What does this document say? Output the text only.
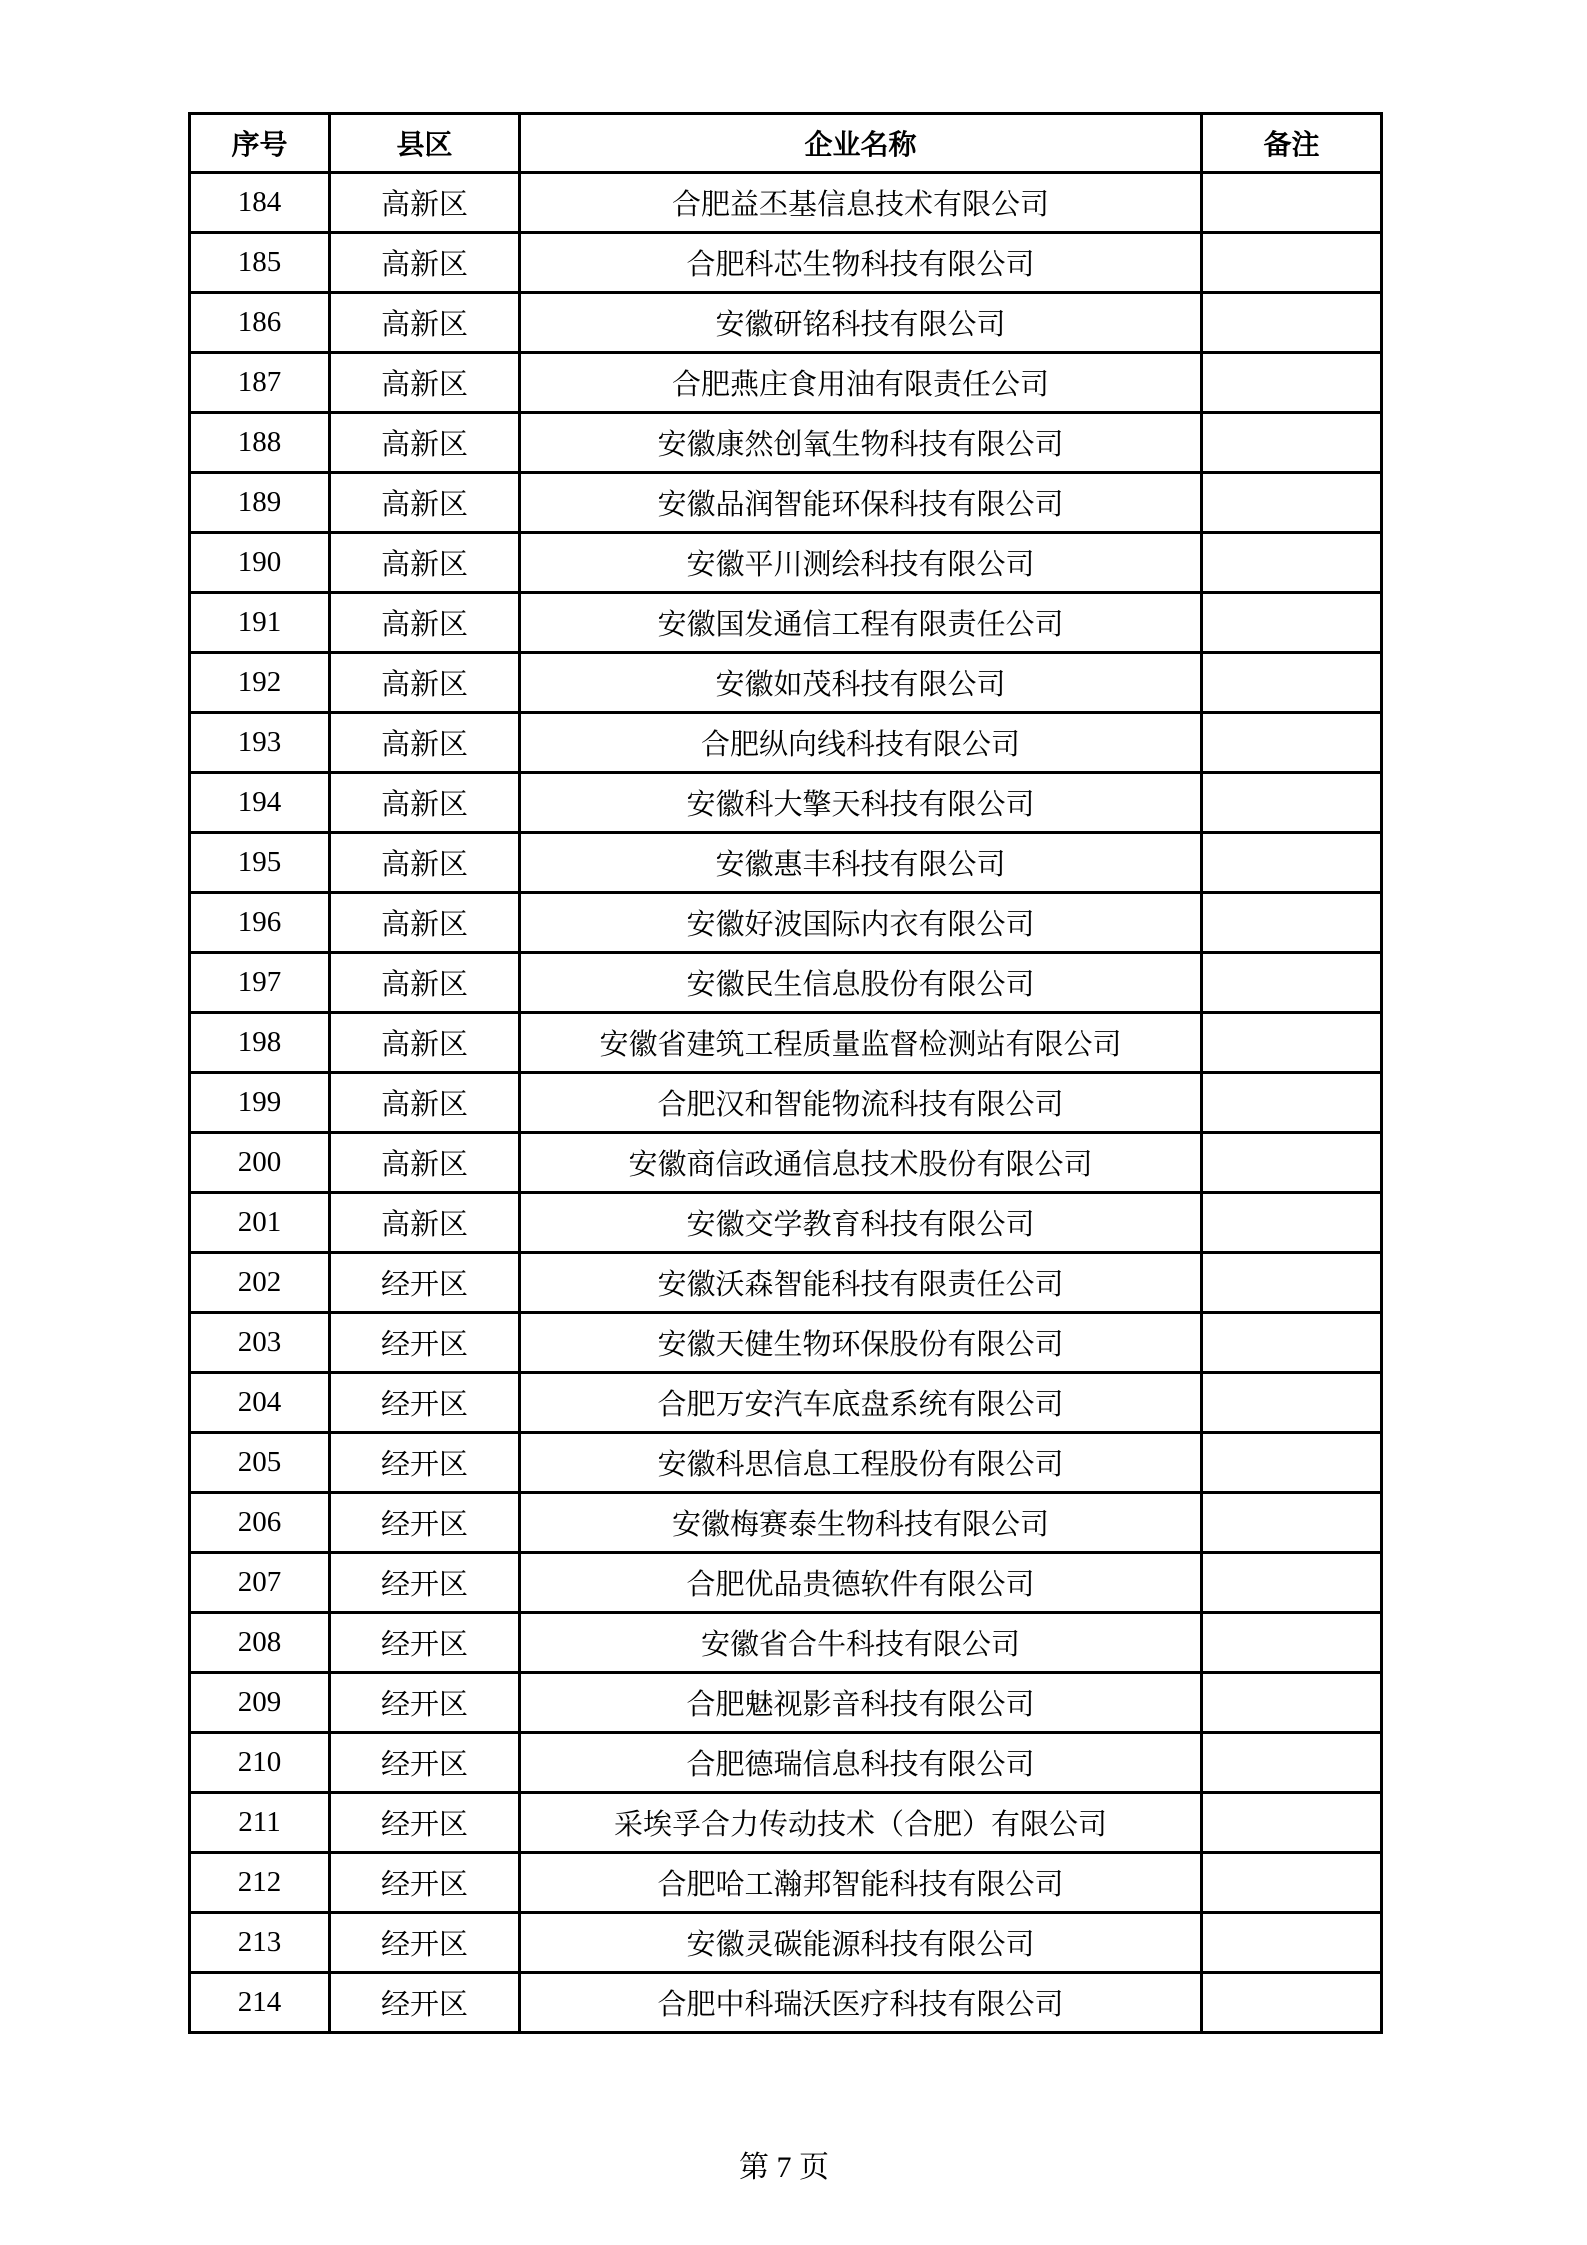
序号	县区	企业名称	备注
184	高新区	合肥益丕基信息技术有限公司	
185	高新区	合肥科芯生物科技有限公司	
186	高新区	安徽研铭科技有限公司	
187	高新区	合肥燕庄食用油有限责任公司	
188	高新区	安徽康然创氧生物科技有限公司	
189	高新区	安徽品润智能环保科技有限公司	
190	高新区	安徽平川测绘科技有限公司	
191	高新区	安徽国发通信工程有限责任公司	
192	高新区	安徽如茂科技有限公司	
193	高新区	合肥纵向线科技有限公司	
194	高新区	安徽科大擎天科技有限公司	
195	高新区	安徽惠丰科技有限公司	
196	高新区	安徽好波国际内衣有限公司	
197	高新区	安徽民生信息股份有限公司	
198	高新区	安徽省建筑工程质量监督检测站有限公司	
199	高新区	合肥汉和智能物流科技有限公司	
200	高新区	安徽商信政通信息技术股份有限公司	
201	高新区	安徽交学教育科技有限公司	
202	经开区	安徽沃森智能科技有限责任公司	
203	经开区	安徽天健生物环保股份有限公司	
204	经开区	合肥万安汽车底盘系统有限公司	
205	经开区	安徽科思信息工程股份有限公司	
206	经开区	安徽梅赛泰生物科技有限公司	
207	经开区	合肥优品贵德软件有限公司	
208	经开区	安徽省合牛科技有限公司	
209	经开区	合肥魅视影音科技有限公司	
210	经开区	合肥德瑞信息科技有限公司	
211	经开区	采埃孚合力传动技术（合肥）有限公司	
212	经开区	合肥哈工瀚邦智能科技有限公司	
213	经开区	安徽灵碳能源科技有限公司	
214	经开区	合肥中科瑞沃医疗科技有限公司	
第 7 页
